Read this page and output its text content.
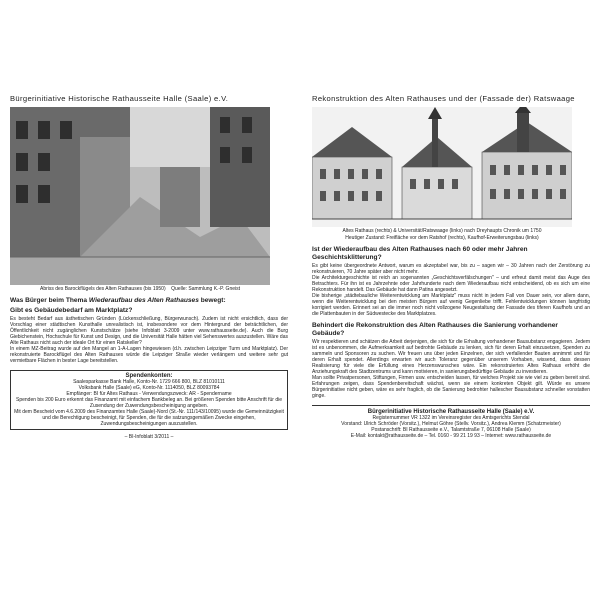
Bürgerinitiative Historische Rathausseite Halle (Saale) e.V.
Abriss des Barockflügels des Alten Rathauses (bis 1950) Quelle: Sammlung K.-P. Gneist
Was Bürger beim Thema Wiederaufbau des Alten Rathauses bewegt:
Gibt es Gebäudebedarf am Marktplatz?

Es besteht Bedarf aus ästhetischen Gründen (Lückenschließung, Bürgerwunsch). Zudem ist nicht ersichtlich, dass der Vorschlag einer städtischen Kunsthalle unrealistisch ist, insbesondere vor dem Hintergrund der beträchtlichen, der Öffentlichkeit nicht zugänglichen Kunstschätze (siehe Infoblatt 3-2009 unter www.rathausseite.de). Auch die Burg Giebichenstein, Hochschule für Kunst und Design, und die Universität Halle hätten viel Sehenswertes auszustellen. Wäre das Alte Rathaus nicht auch der ideale Ort für einen Ratskeller?

In einem MZ-Beitrag wurde auf den Mangel an 1-A-Lagen hingewiesen (d.h. zwischen Leipziger Turm und Marktplatz). Der rekonstruierte Barockflügel des Alten Rathauses würde die Leipziger Straße wieder verlängern und weitere sehr gut vermietbare Flächen in bester Lage bereitstellen.

Spendenkonten:
Saalesparkasse Bank Halle, Konto-Nr. 1729 666 800, BLZ 81010111
Volksbank Halle (Saale) eG, Konto-Nr. 1114050, BLZ 80093784
Empfänger: BI für Altes Rathaus - Verwendungszweck: AR - Spendername
Spenden bis 200 Euro erkennt das Finanzamt mit einfachem Bankbeleg an. Bei größeren Spenden bitte Anschrift für die Zusendung der Zuwendungsbescheinigung angeben.
Mit dem Bescheid vom 4.6.2009 des Finanzamtes Halle (Saale)-Nord (St.-Nr. 111/143/10095) wurde die Gemeinnützigkeit und die Berechtigung bescheinigt, für Spenden, die für die satzungsgemäßen Zwecke eingehen, Zuwendungsbescheinigungen auszustellen.
– BI-Infoblatt 3/2011 –
Rekonstruktion des Alten Rathauses und der (Fassade der) Ratswaage
Altes Rathaus (rechts) & Universität/Ratswaage (links) nach Dreyhaupts Chronik um 1750
Heutiger Zustand: Freifläche vor dem Ratshof (rechts), Kaufhof-Erweiterungsbau (links)
Ist der Wiederaufbau des Alten Rathauses nach 60 oder mehr Jahren Geschichtsklitterung?

Es gibt keine übergeordnete Antwort, warum es akzeptabel war, bis zu – sagen wir – 30 Jahren nach der Zerstörung zu rekonstruieren, 70 Jahre später aber nicht mehr.

Die Architekturgeschichte ist reich an sogenannten „Geschichtsverfälschungen" – und erfreut damit meist das Auge des Betrachters. Für ihn ist es Jahrzehnte oder Jahrhunderte nach dem Wiederaufbau nicht entscheidend, ob es sich um eine Rekonstruktion handelt. Das Gebäude hat dann Patina angesetzt.

Die bisherige „städtebauliche Weiterentwicklung am Marktplatz" muss nicht in jedem Fall von Dauer sein, vor allem dann, wenn die Weiterentwicklung bei den meisten Bürgern auf wenig Gegenliebe trifft. Fehlentwicklungen können langfristig korrigiert werden. Erinnert sei an die immer noch nicht vollzogene Neugestaltung der Fassade des tiferen Kaufhofs und an die Plattenbauten in der Südwestecke des Marktplatzes.

Behindert die Rekonstruktion des Alten Rathauses die Sanierung vorhandener Gebäude?

Wir respektieren und schätzen die Arbeit derjenigen, die sich für die Erhaltung vorhandener Bausubstanz engagieren. Jedem ist es unbenommen, die Aufmerksamkeit auf bedrohte Gebäude zu lenken, sich für deren Erhalt einzusetzen, Spenden zu sammeln und Sponsoren zu suchen. Wir freuen uns über jeden Einzelnen, der sich verfallender Bauten annimmt und für deren Erhalt spendet. Allerdings erwarten wir auch Toleranz gegenüber unserem Vorhaben, wissend, dass dessen Realisierung für viele die Erfüllung eines Herzenswunsches wäre. Ein rekonstruiertes Altes Rathaus erhöht die Anziehungskraft des Stadtzentrums und kann motivieren, in sanierungsbedürftige Gebäude zu investieren.

Man sollte Privatpersonen, Stiftungen, Firmen usw. entscheiden lassen, für welches Projekt sie wie viel zu geben bereit sind. Erfahrungen zeigen, dass Spendenbereitschaft wächst, wenn sie einem konkreten Objekt gilt. Würde es unsere Bürgerinitiative nicht geben, wäre es sehr fraglich, ob die Sanierung bedrohter hallescher Bausubstanz schneller vonstatten ginge.

Bürgerinitiative Historische Rathausseite Halle (Saale) e.V.
Registernummer VR 1322 im Vereinsregister des Amtsgerichts Stendal
Vorstand: Ulrich Schröder (Vorsitz.), Helmut Göhre (Stellv. Vorsitz.), Andrea Klemm (Schatzmeister)
Postanschrift: BI Rathausseite e.V., Talamtstraße 7, 06108 Halle (Saale)
E-Mail: kontakt@rathausseite.de – Tel. 0160 - 99 21 19 93 – Internet: www.rathausseite.de
